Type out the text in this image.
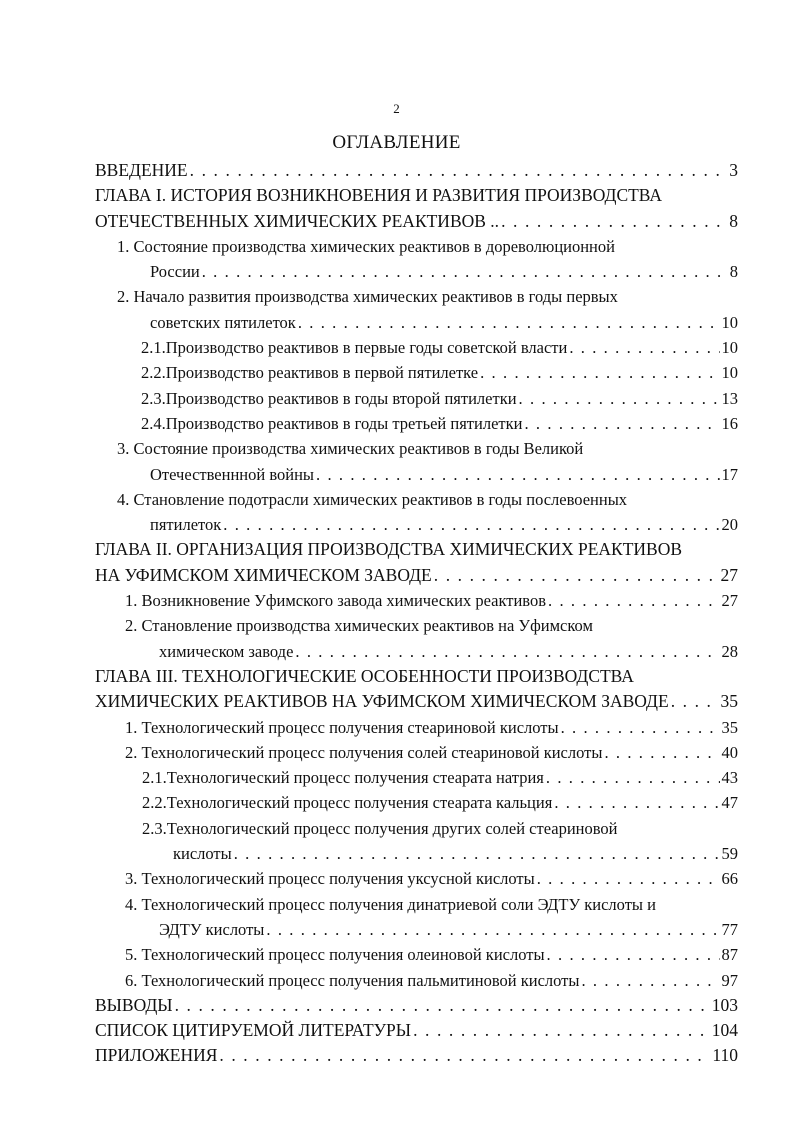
2
ОГЛАВЛЕНИЕ
ВВЕДЕНИЕ . . .	3
ГЛАВА I. ИСТОРИЯ ВОЗНИКНОВЕНИЯ И РАЗВИТИЯ ПРОИЗВОДСТВА
ОТЕЧЕСТВЕННЫХ ХИМИЧЕСКИХ РЕАКТИВОВ .. . . .	8
1. Состояние производства химических реактивов в дореволюционной
России . . .	8
2. Начало развития производства химических реактивов в годы первых
советских пятилеток . . .	10
2.1.Производство реактивов в первые годы советской власти . . .	10
2.2.Производство реактивов в первой пятилетке . . .	10
2.3.Производство реактивов в годы второй пятилетки . . .	13
2.4.Производство реактивов в годы третьей пятилетки . . .	16
3. Состояние производства химических реактивов в годы Великой
Отечественнной войны . . .	17
4. Становление подотрасли химических реактивов в годы послевоенных
пятилеток . . .	20
ГЛАВА II. ОРГАНИЗАЦИЯ ПРОИЗВОДСТВА ХИМИЧЕСКИХ РЕАКТИВОВ
НА УФИМСКОМ ХИМИЧЕСКОМ ЗАВОДЕ . . .	27
1. Возникновение Уфимского завода химических реактивов . . .	27
2. Становление производства химических реактивов на Уфимском
химическом заводе . . .	28
ГЛАВА III. ТЕХНОЛОГИЧЕСКИЕ ОСОБЕННОСТИ ПРОИЗВОДСТВА
ХИМИЧЕСКИХ РЕАКТИВОВ НА УФИМСКОМ ХИМИЧЕСКОМ ЗАВОДЕ . . .	35
1. Технологический процесс получения стеариновой кислоты . . .	35
2. Технологический процесс получения солей стеариновой кислоты . . .	40
2.1.Технологический процесс получения стеарата натрия . . .	43
2.2.Технологический процесс получения стеарата кальция . . .	47
2.3.Технологический процесс получения других солей стеариновой
кислоты . . .	59
3. Технологический процесс получения уксусной кислоты . . .	66
4. Технологический процесс получения динатриевой соли ЭДТУ кислоты и
ЭДТУ кислоты . . .	77
5. Технологический процесс получения олеиновой кислоты . . .	87
6. Технологический процесс получения пальмитиновой кислоты . . .	97
ВЫВОДЫ . . .	103
СПИСОК ЦИТИРУЕМОЙ ЛИТЕРАТУРЫ . . .	104
ПРИЛОЖЕНИЯ . . .	110
